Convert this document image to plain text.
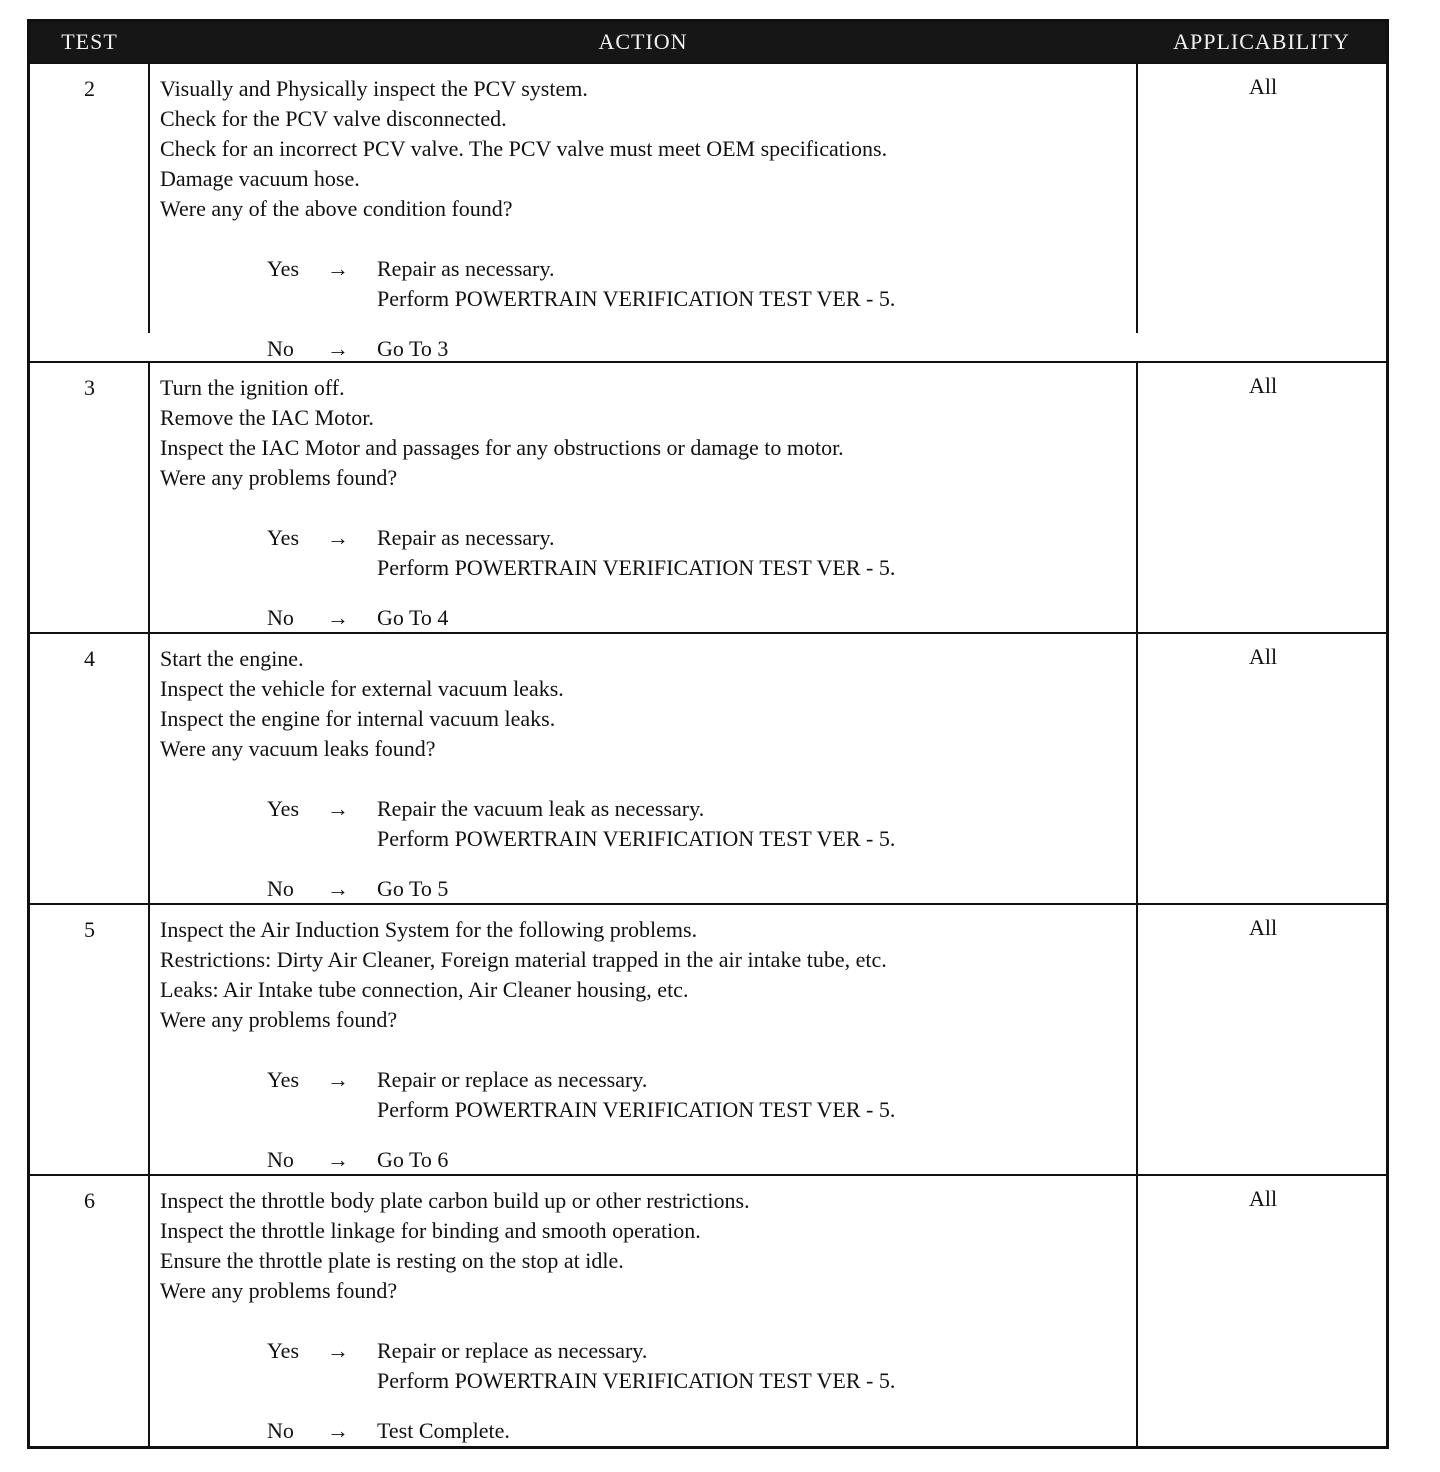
TEST	ACTION	APPLICABILITY
2	Visually and Physically inspect the PCV system.
Check for the PCV valve disconnected.
Check for an incorrect PCV valve. The PCV valve must meet OEM specifications.
Damage vacuum hose.
Were any of the above condition found?
Yes → Repair as necessary.
Perform POWERTRAIN VERIFICATION TEST VER - 5.
No → Go To 3
All
3	Turn the ignition off.
Remove the IAC Motor.
Inspect the IAC Motor and passages for any obstructions or damage to motor.
Were any problems found?
Yes → Repair as necessary.
Perform POWERTRAIN VERIFICATION TEST VER - 5.
No → Go To 4
All
4	Start the engine.
Inspect the vehicle for external vacuum leaks.
Inspect the engine for internal vacuum leaks.
Were any vacuum leaks found?
Yes → Repair the vacuum leak as necessary.
Perform POWERTRAIN VERIFICATION TEST VER - 5.
No → Go To 5
All
5	Inspect the Air Induction System for the following problems.
Restrictions: Dirty Air Cleaner, Foreign material trapped in the air intake tube, etc.
Leaks: Air Intake tube connection, Air Cleaner housing, etc.
Were any problems found?
Yes → Repair or replace as necessary.
Perform POWERTRAIN VERIFICATION TEST VER - 5.
No → Go To 6
All
6	Inspect the throttle body plate carbon build up or other restrictions.
Inspect the throttle linkage for binding and smooth operation.
Ensure the throttle plate is resting on the stop at idle.
Were any problems found?
Yes → Repair or replace as necessary.
Perform POWERTRAIN VERIFICATION TEST VER - 5.
No → Test Complete.
All
